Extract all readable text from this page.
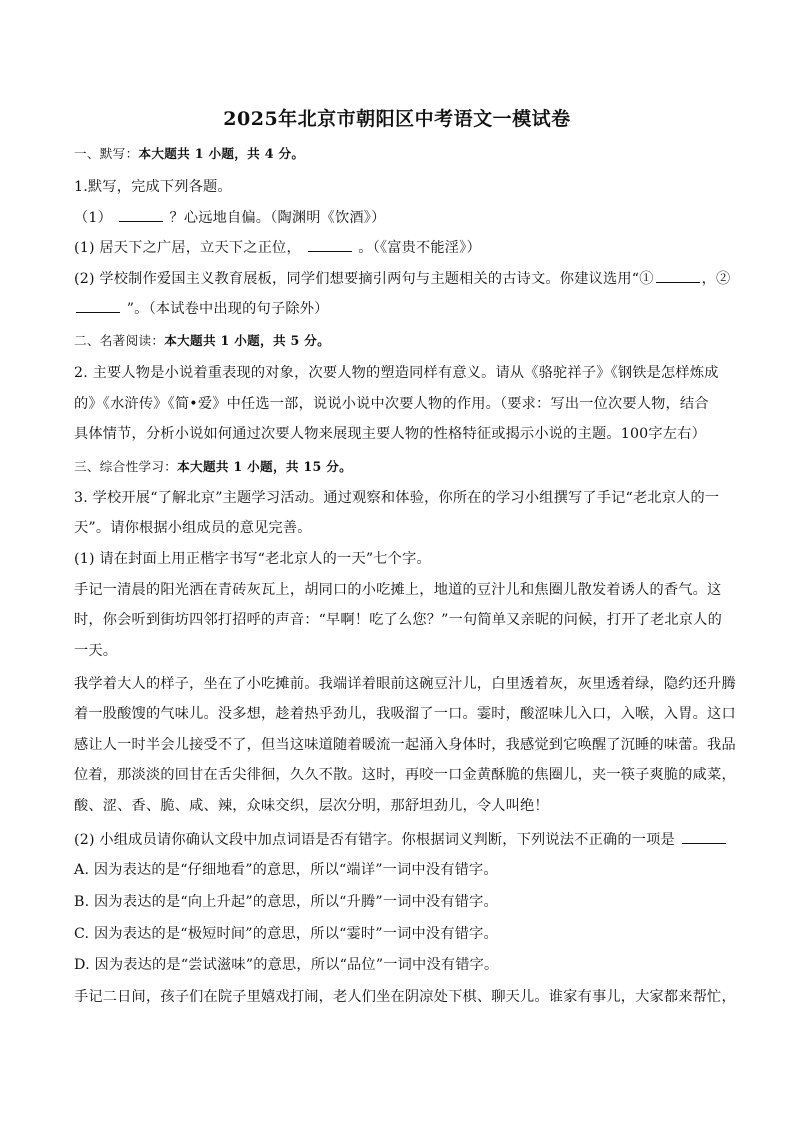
2025年北京市朝阳区中考语文一模试卷
一、默写：本大题共 1 小题，共 4 分。
1.默写，完成下列各题。
（1）	？心远地自偏。（陶渊明《饮酒》）
(1) 居天下之广居，立天下之正位，	。（《富贵不能淫》）
(2) 学校制作爱国主义教育展板，同学们想要摘引两句与主题相关的古诗文。你建议选用“①	，②
”。（本试卷中出现的句子除外）
二、名著阅读：本大题共 1 小题，共 5 分。
2. 主要人物是小说着重表现的对象，次要人物的塑造同样有意义。请从《骆驼祥子》《钢铁是怎样炼成
的》《水浒传》《简•爱》中任选一部，说说小说中次要人物的作用。（要求：写出一位次要人物，结合
具体情节，分析小说如何通过次要人物来展现主要人物的性格特征或揭示小说的主题。100字左右）
三、综合性学习：本大题共 1 小题，共 15 分。
3. 学校开展“了解北京”主题学习活动。通过观察和体验，你所在的学习小组撰写了手记“老北京人的一
天”。请你根据小组成员的意见完善。
(1) 请在封面上用正楷字书写“老北京人的一天”七个字。
手记一清晨的阳光洒在青砖灰瓦上，胡同口的小吃摊上，地道的豆汁儿和焦圈儿散发着诱人的香气。这
时，你会听到街坊四邻打招呼的声音：“早啊！吃了么您？”一句简单又亲昵的问候，打开了老北京人的
一天。
我学着大人的样子，坐在了小吃摊前。我端详着眼前这碗豆汁儿，白里透着灰，灰里透着绿，隐约还升腾
着一股酸馊的气味儿。没多想，趁着热乎劲儿，我吸溜了一口。霎时，酸涩味儿入口，入喉，入胃。这口
感让人一时半会儿接受不了，但当这味道随着暖流一起涌入身体时，我感觉到它唤醒了沉睡的味蕾。我品
位着，那淡淡的回甘在舌尖徘徊，久久不散。这时，再咬一口金黄酥脆的焦圈儿，夹一筷子爽脆的咸菜，
酸、涩、香、脆、咸、辣，众味交织，层次分明，那舒坦劲儿，令人叫绝！
(2) 小组成员请你确认文段中加点词语是否有错字。你根据词义判断，下列说法不正确的一项是
A. 因为表达的是“仔细地看”的意思，所以“端详”一词中没有错字。
B. 因为表达的是“向上升起”的意思，所以“升腾”一词中没有错字。
C. 因为表达的是“极短时间”的意思，所以“霎时”一词中没有错字。
D. 因为表达的是“尝试滋味”的意思，所以“品位”一词中没有错字。
手记二日间，孩子们在院子里嬉戏打闹，老人们坐在阴凉处下棋、聊天儿。谁家有事儿，大家都来帮忙，
